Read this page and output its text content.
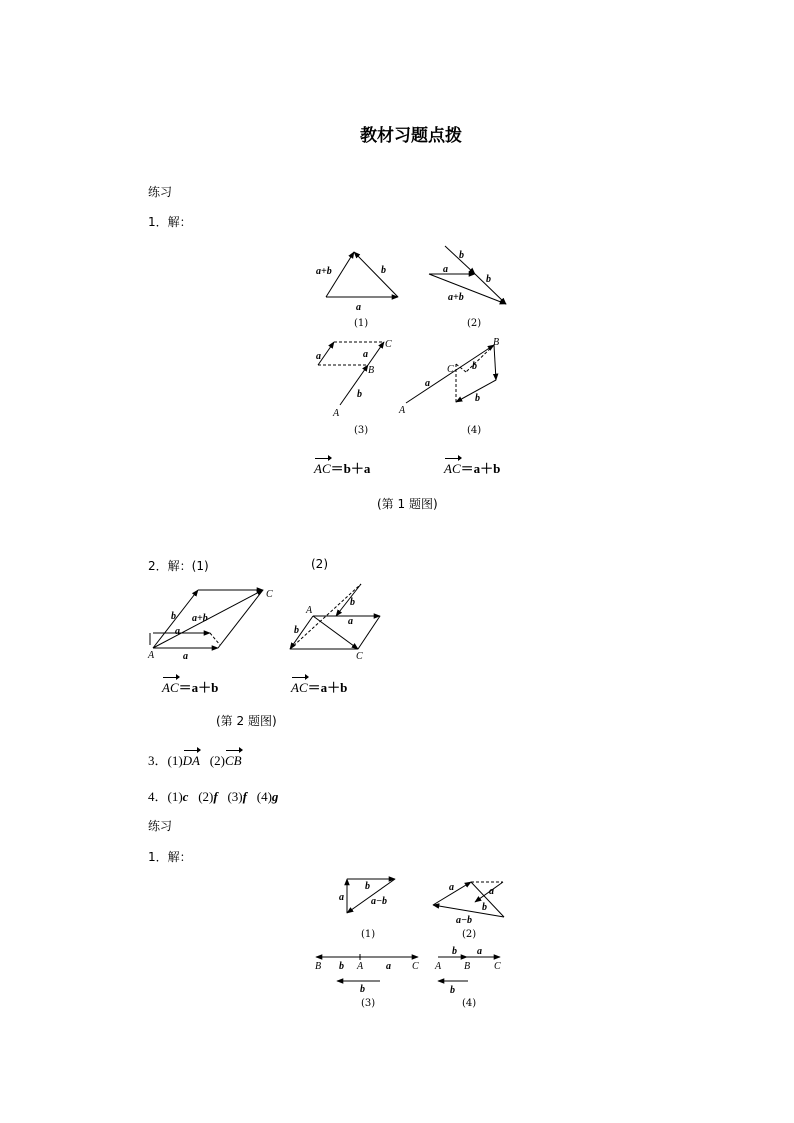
教材习题点拨
练习
1．解：
a+b	b
a
b
a
b
a+b
a	a
C
B
b
A
B
C b
a
b
A
C
b a+b
a
A	a
A
b
a
b
C
b
a	a−b
a	a
b
a−b
B b A a C
b
b a
A B C
b
(1)	(2)
(3)	(4)
AC＝b＋a	AC＝a＋b
(第 1 题图)
2．解：(1)	(2)
AC＝a＋b	AC＝a＋b
(第 2 题图)
3．(1)DA (2)CB
4．(1)c (2)f (3)f (4)g
练习
1．解：
(1)	(2)
(3)	(4)
